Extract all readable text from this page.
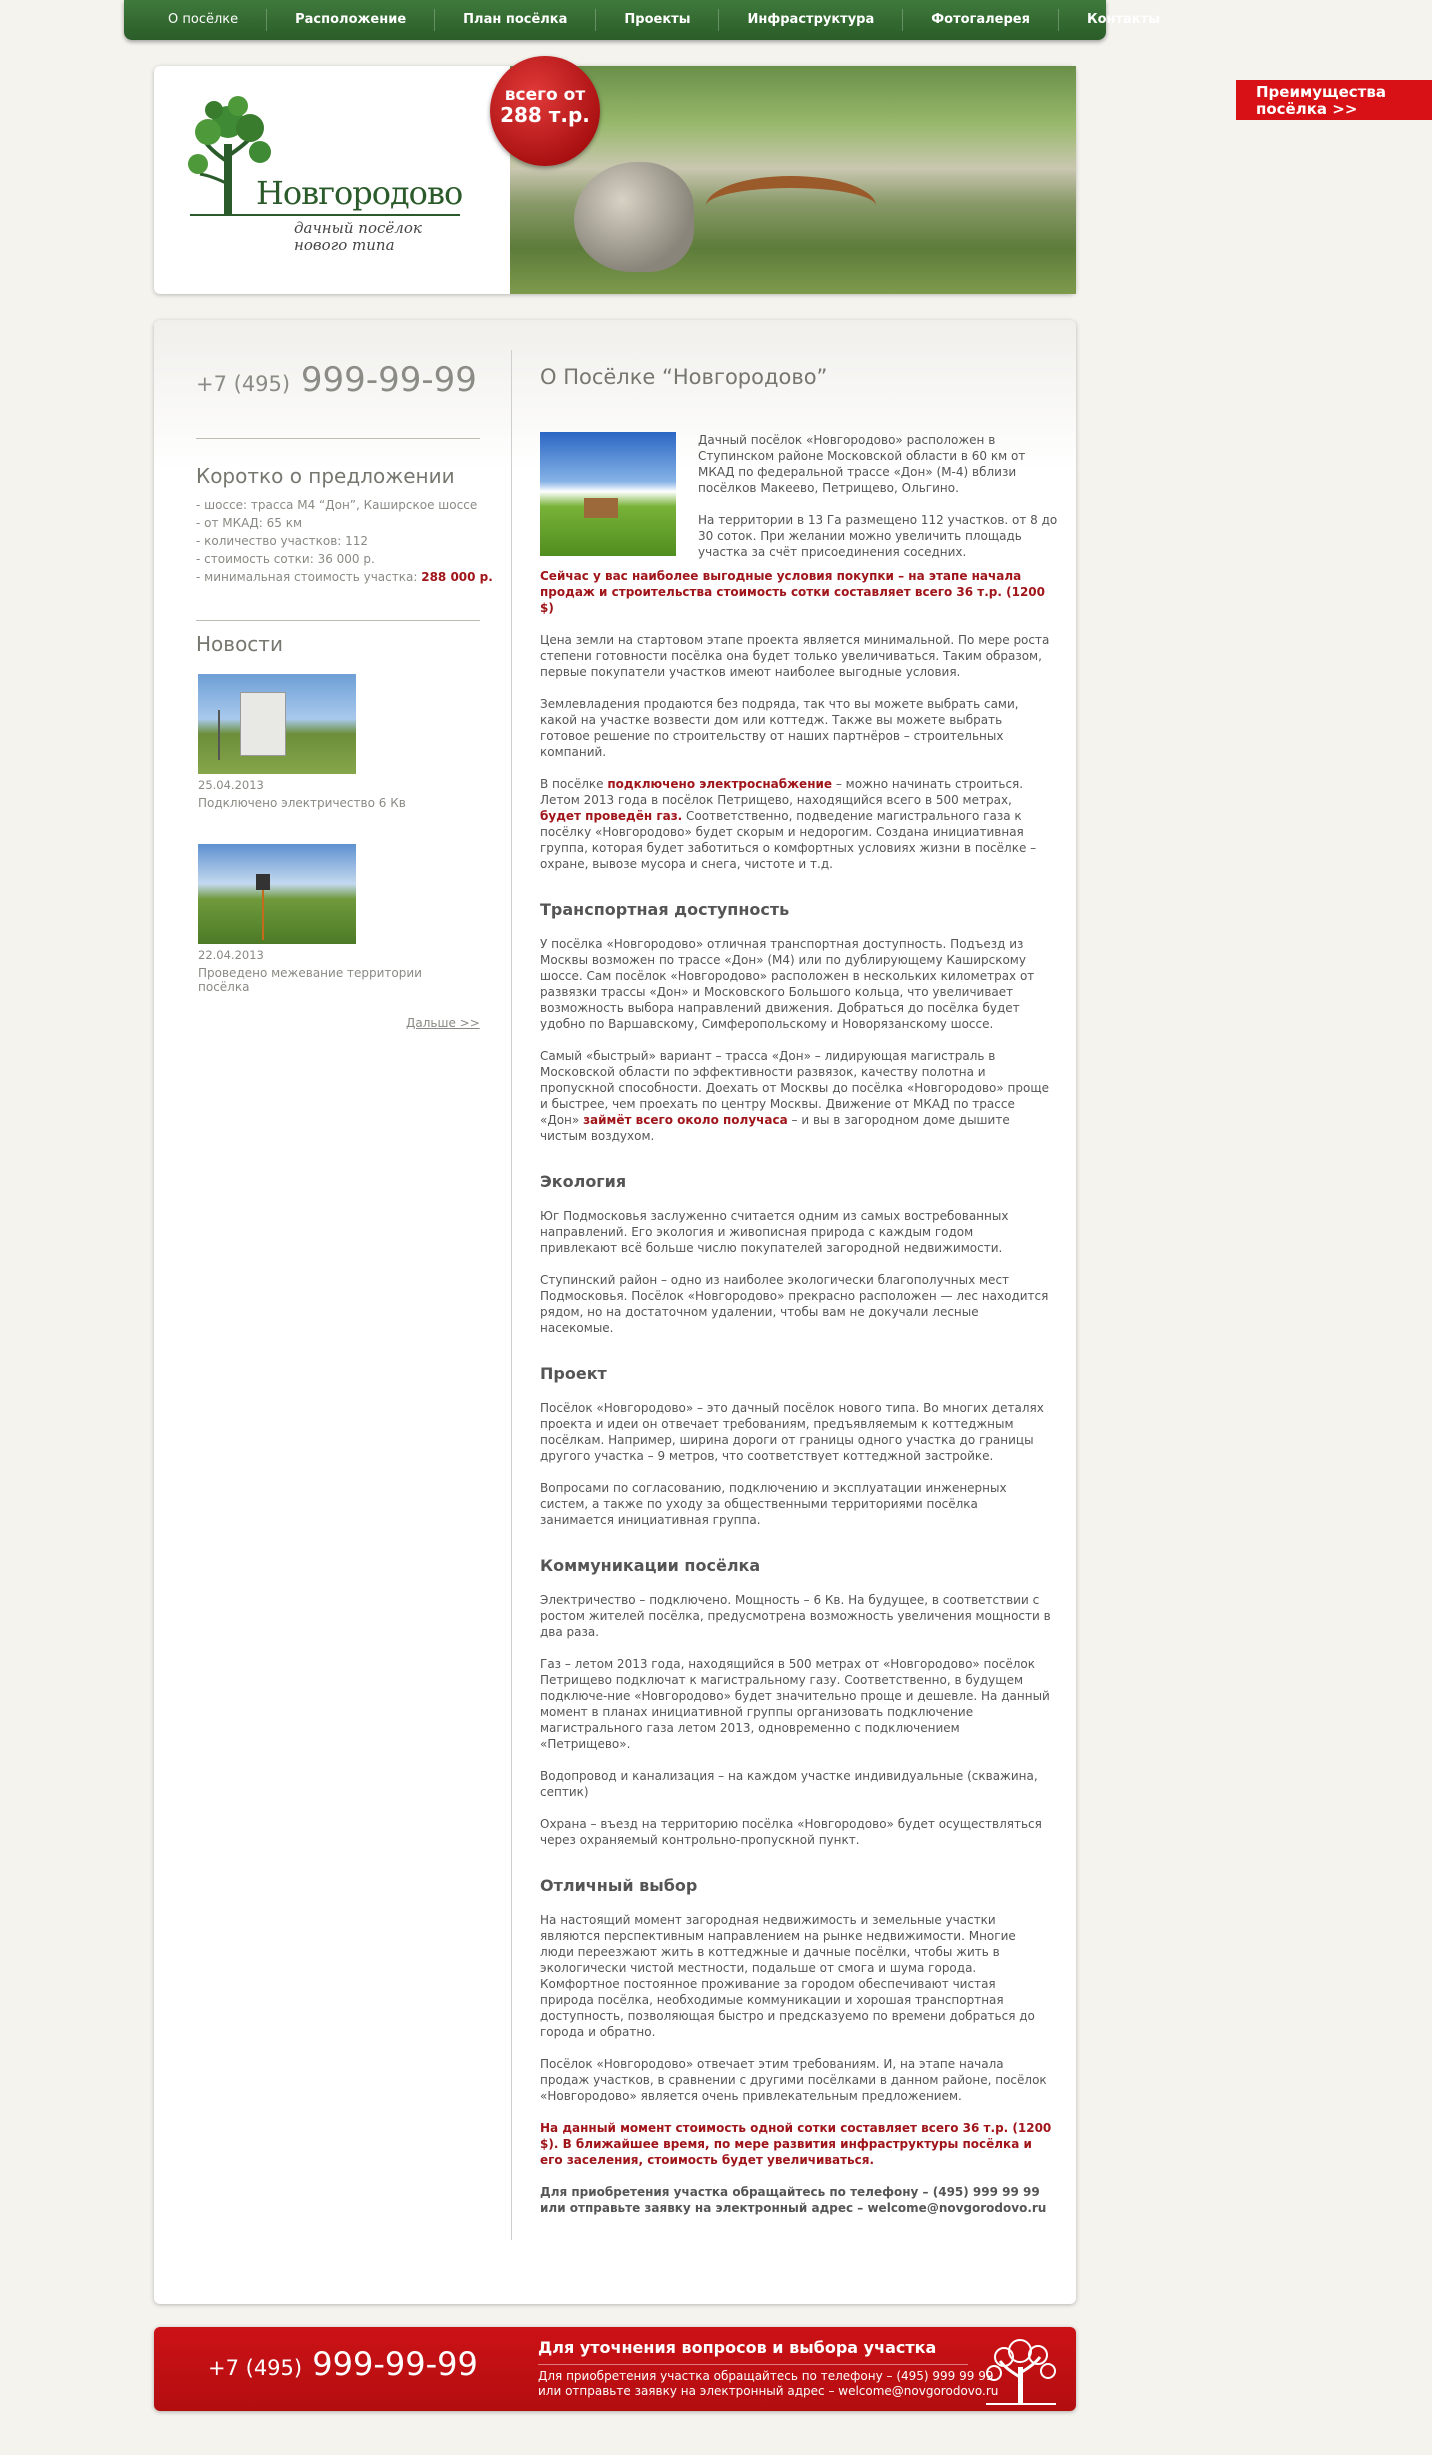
О посёлке	Расположение	План посёлка	Проекты	Инфраструктура	Фотогалерея	Контакты
Новгородово
дачный посёлок
нового типа
Преимущества
посёлка >>
всего от
288 т.р.
+7 (495) 999-99-99
Коротко о предложении
- шоссе: трасса М4 “Дон”, Каширское шоссе
- от МКАД: 65 км
- количество участков: 112
- стоимость сотки: 36 000 р.
- минимальная стоимость участка: 288 000 р.
Новости
25.04.2013
Подключено электричество 6 Кв
22.04.2013
Проведено межевание территории посёлка
Дальше >>
О Посёлке “Новгородово”

Дачный посёлок «Новгородово» расположен в Ступинском районе Московской области в 60 км от МКАД по федеральной трассе «Дон» (М-4) вблизи посёлков Макеево, Петрищево, Ольгино.

На территории в 13 Га размещено 112 участков. от 8 до 30 соток. При желании можно увеличить площадь участка за счёт присоединения соседних.

Сейчас у вас наиболее выгодные условия покупки – на этапе начала продаж и строительства стоимость сотки составляет всего 36 т.р. (1200 $)

Цена земли на стартовом этапе проекта является минимальной. По мере роста степени готовности посёлка она будет только увеличиваться. Таким образом, первые покупатели участков имеют наиболее выгодные условия.

Землевладения продаются без подряда, так что вы можете выбрать сами, какой на участке возвести дом или коттедж. Также вы можете выбрать готовое решение по строительству от наших партнёров – строительных компаний.

В посёлке подключено электроснабжение – можно начинать строиться. Летом 2013 года в посёлок Петрищево, находящийся всего в 500 метрах, будет проведён газ. Соответственно, подведение магистрального газа к посёлку «Новгородово» будет скорым и недорогим. Создана инициативная группа, которая будет заботиться о комфортных условиях жизни в посёлке – охране, вывозе мусора и снега, чистоте и т.д.

Транспортная доступность

У посёлка «Новгородово» отличная транспортная доступность. Подъезд из Москвы возможен по трассе «Дон» (М4) или по дублирующему Каширскому шоссе. Сам посёлок «Новгородово» расположен в нескольких километрах от развязки трассы «Дон» и Московского Большого кольца, что увеличивает возможность выбора направлений движения. Добраться до посёлка будет удобно по Варшавскому, Симферопольскому и Новорязанскому шоссе.

Самый «быстрый» вариант – трасса «Дон» – лидирующая магистраль в Московской области по эффективности развязок, качеству полотна и пропускной способности. Доехать от Москвы до посёлка «Новгородово» проще и быстрее, чем проехать по центру Москвы. Движение от МКАД по трассе «Дон» займёт всего около получаса – и вы в загородном доме дышите чистым воздухом.

Экология

Юг Подмосковья заслуженно считается одним из самых востребованных направлений. Его экология и живописная природа с каждым годом привлекают всё больше числю покупателей загородной недвижимости.

Ступинский район – одно из наиболее экологически благополучных мест Подмосковья. Посёлок «Новгородово» прекрасно расположен — лес находится рядом, но на достаточном удалении, чтобы вам не докучали лесные насекомые.

Проект

Посёлок «Новгородово» – это дачный посёлок нового типа. Во многих деталях проекта и идеи он отвечает требованиям, предъявляемым к коттеджным посёлкам. Например, ширина дороги от границы одного участка до границы другого участка – 9 метров, что соответствует коттеджной застройке.

Вопросами по согласованию, подключению и эксплуатации инженерных систем, а также по уходу за общественными территориями посёлка занимается инициативная группа.

Коммуникации посёлка

Электричество – подключено. Мощность – 6 Кв. На будущее, в соответствии с ростом жителей посёлка, предусмотрена возможность увеличения мощности в два раза.

Газ – летом 2013 года, находящийся в 500 метрах от «Новгородово» посёлок Петрищево подключат к магистральному газу. Соответственно, в будущем подключе-ние «Новгородово» будет значительно проще и дешевле. На данный момент в планах инициативной группы организовать подключение магистрального газа летом 2013, одновременно с подключением «Петрищево».

Водопровод и канализация – на каждом участке индивидуальные (скважина, септик)

Охрана – въезд на территорию посёлка «Новгородово» будет осуществляться через охраняемый контрольно-пропускной пункт.

Отличный выбор

На настоящий момент загородная недвижимость и земельные участки являются перспективным направлением на рынке недвижимости. Многие люди переезжают жить в коттеджные и дачные посёлки, чтобы жить в экологически чистой местности, подальше от смога и шума города. Комфортное постоянное проживание за городом обеспечивают чистая природа посёлка, необходимые коммуникации и хорошая транспортная доступность, позволяющая быстро и предсказуемо по времени добраться до города и обратно.

Посёлок «Новгородово» отвечает этим требованиям. И, на этапе начала продаж участков, в сравнении с другими посёлками в данном районе, посёлок «Новгородово» является очень привлекательным предложением.

На данный момент стоимость одной сотки составляет всего 36 т.р. (1200 $). В ближайшее время, по мере развития инфраструктуры посёлка и его заселения, стоимость будет увеличиваться.

Для приобретения участка обращайтесь по телефону – (495) 999 99 99
или отправьте заявку на электронный адрес – welcome@novgorodovo.ru

+7 (495) 999-99-99	Для уточнения вопросов и выбора участка
Для приобретения участка обращайтесь по телефону – (495) 999 99 99
или отправьте заявку на электронный адрес – welcome@novgorodovo.ru
